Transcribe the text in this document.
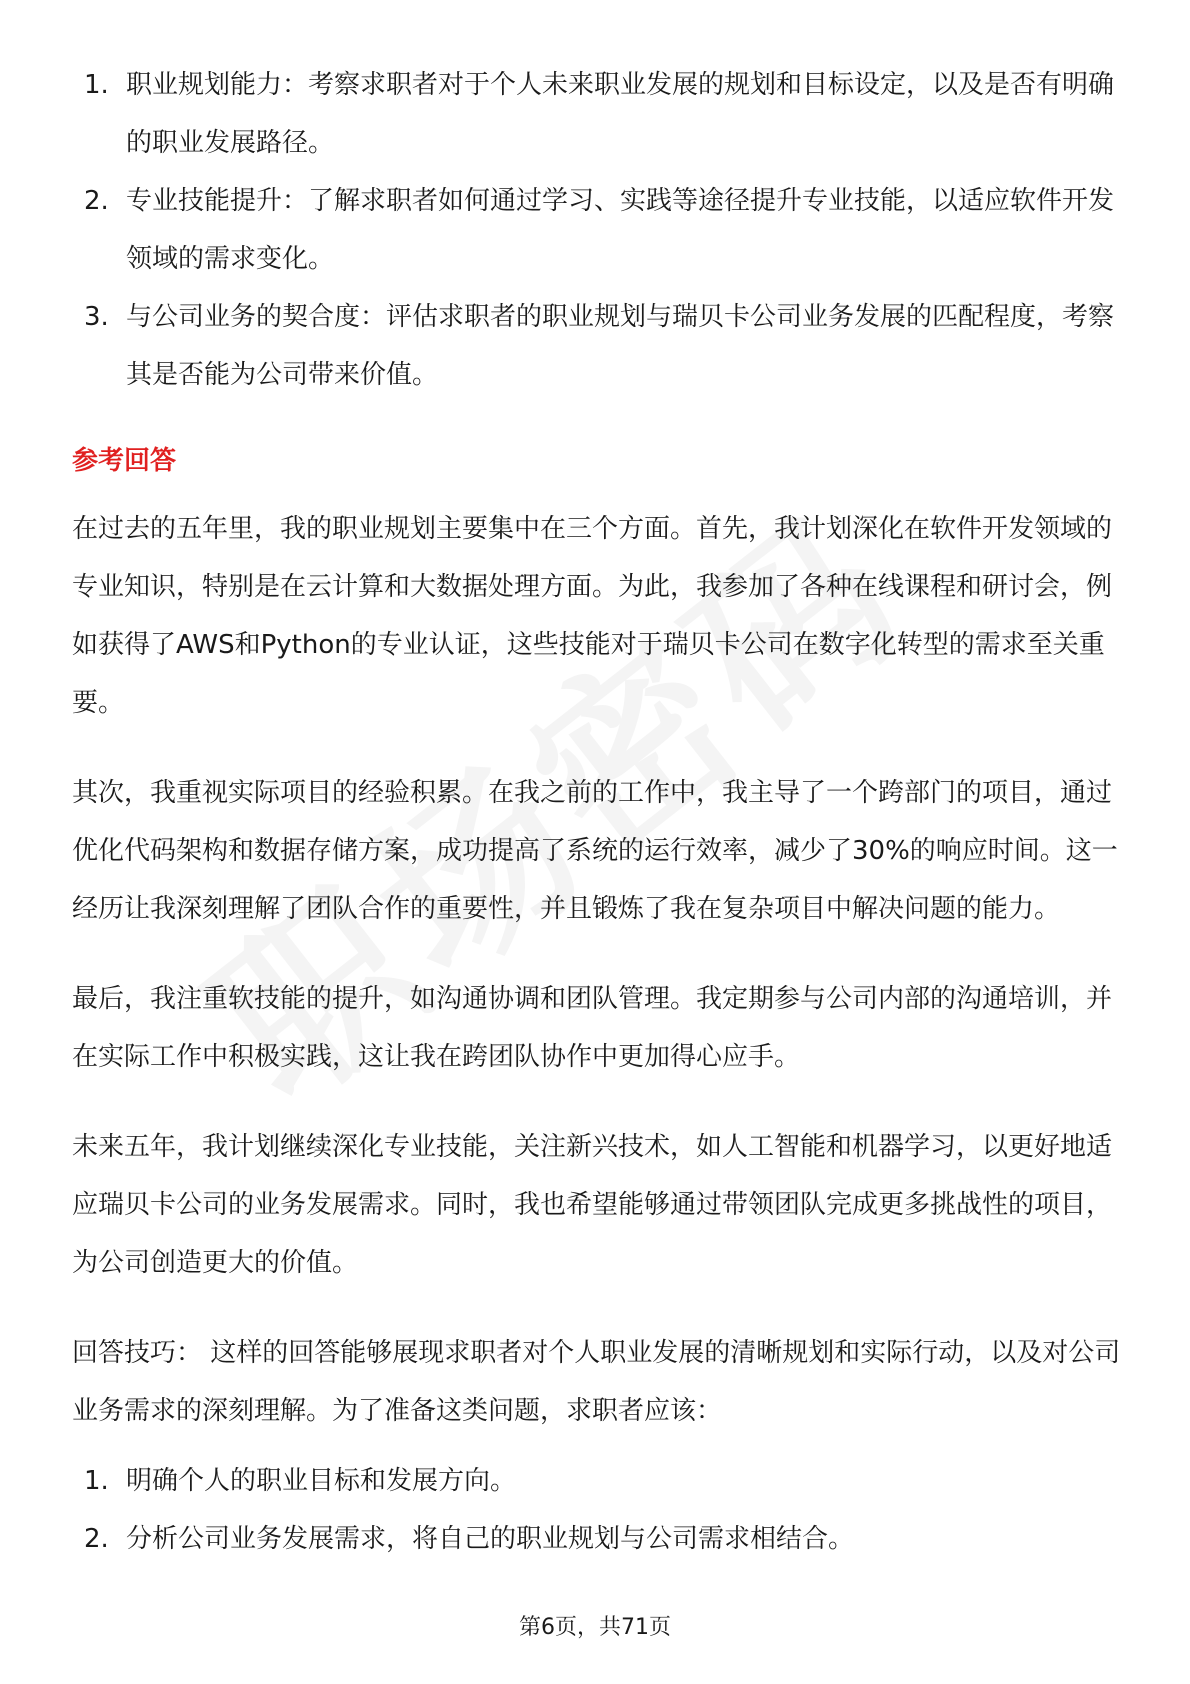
1. 职业规划能力：考察求职者对于个人未来职业发展的规划和目标设定，以及是否有明确的职业发展路径。
2. 专业技能提升：了解求职者如何通过学习、实践等途径提升专业技能，以适应软件开发领域的需求变化。
3. 与公司业务的契合度：评估求职者的职业规划与瑞贝卡公司业务发展的匹配程度，考察其是否能为公司带来价值。
参考回答

在过去的五年里，我的职业规划主要集中在三个方面。首先，我计划深化在软件开发领域的专业知识，特别是在云计算和大数据处理方面。为此，我参加了各种在线课程和研讨会，例如获得了AWS和Python的专业认证，这些技能对于瑞贝卡公司在数字化转型的需求至关重要。

其次，我重视实际项目的经验积累。在我之前的工作中，我主导了一个跨部门的项目，通过优化代码架构和数据存储方案，成功提高了系统的运行效率，减少了30%的响应时间。这一经历让我深刻理解了团队合作的重要性，并且锻炼了我在复杂项目中解决问题的能力。

最后，我注重软技能的提升，如沟通协调和团队管理。我定期参与公司内部的沟通培训，并在实际工作中积极实践，这让我在跨团队协作中更加得心应手。

未来五年，我计划继续深化专业技能，关注新兴技术，如人工智能和机器学习，以更好地适应瑞贝卡公司的业务发展需求。同时，我也希望能够通过带领团队完成更多挑战性的项目，为公司创造更大的价值。

回答技巧： 这样的回答能够展现求职者对个人职业发展的清晰规划和实际行动，以及对公司业务需求的深刻理解。为了准备这类问题，求职者应该：

1. 明确个人的职业目标和发展方向。
2. 分析公司业务发展需求，将自己的职业规划与公司需求相结合。
第6页，共71页
